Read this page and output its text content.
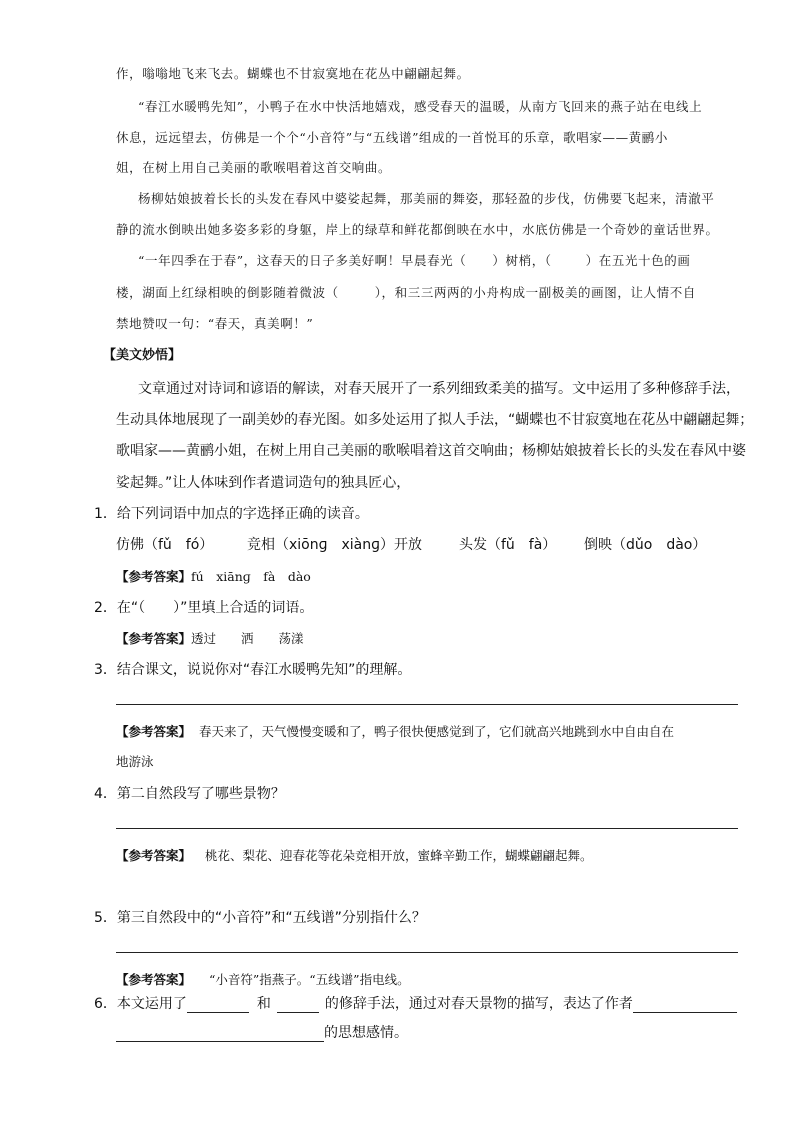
作，嗡嗡地飞来飞去。蝴蝶也不甘寂寞地在花丛中翩翩起舞。
“春江水暖鸭先知”，小鸭子在水中快活地嬉戏，感受春天的温暖，从南方飞回来的燕子站在电线上
休息，远远望去，仿佛是一个个“小音符”与“五线谱”组成的一首悦耳的乐章，歌唱家——黄鹂小
姐，在树上用自己美丽的歌喉唱着这首交响曲。
杨柳姑娘披着长长的头发在春风中婆娑起舞，那美丽的舞姿，那轻盈的步伐，仿佛要飞起来，清澈平
静的流水倒映出她多姿多彩的身躯，岸上的绿草和鲜花都倒映在水中，水底仿佛是一个奇妙的童话世界。
“一年四季在于春”，这春天的日子多美好啊！早晨春光（ ）树梢，（	）在五光十色的画
楼，湖面上红绿相映的倒影随着微波（	），和三三两两的小舟构成一副极美的画图，让人情不自
禁地赞叹一句：“春天，真美啊！”
【美文妙悟】
文章通过对诗词和谚语的解读，对春天展开了一系列细致柔美的描写。文中运用了多种修辞手法，
生动具体地展现了一副美妙的春光图。如多处运用了拟人手法，“蝴蝶也不甘寂寞地在花丛中翩翩起舞；
歌唱家——黄鹂小姐，在树上用自己美丽的歌喉唱着这首交响曲；杨柳姑娘披着长长的头发在春风中婆
娑起舞。”让人体味到作者遣词造句的独具匠心，
1．给下列词语中加点的字选择正确的读音。
仿佛（fǔ　fó） 竞相（xiōnɡ　xiànɡ）开放	头发（fǔ　fà） 倒映（dǔo　dào）
【参考答案】fú　xiānɡ　fà　dào
2．在“（　　）”里填上合适的词语。
【参考答案】透过　　洒　　荡漾
3．结合课文，说说你对“春江水暖鸭先知”的理解。
【参考答案】 春天来了，天气慢慢变暖和了，鸭子很快便感觉到了，它们就高兴地跳到水中自由自在
地游泳
4．第二自然段写了哪些景物？
【参考答案】 桃花、梨花、迎春花等花朵竞相开放，蜜蜂辛勤工作，蝴蝶翩翩起舞。
5．第三自然段中的“小音符”和“五线谱”分别指什么？
【参考答案】 “小音符”指燕子。“五线谱”指电线。
6．本文运用了	和	的修辞手法，通过对春天景物的描写，表达了作者
的思想感情。
